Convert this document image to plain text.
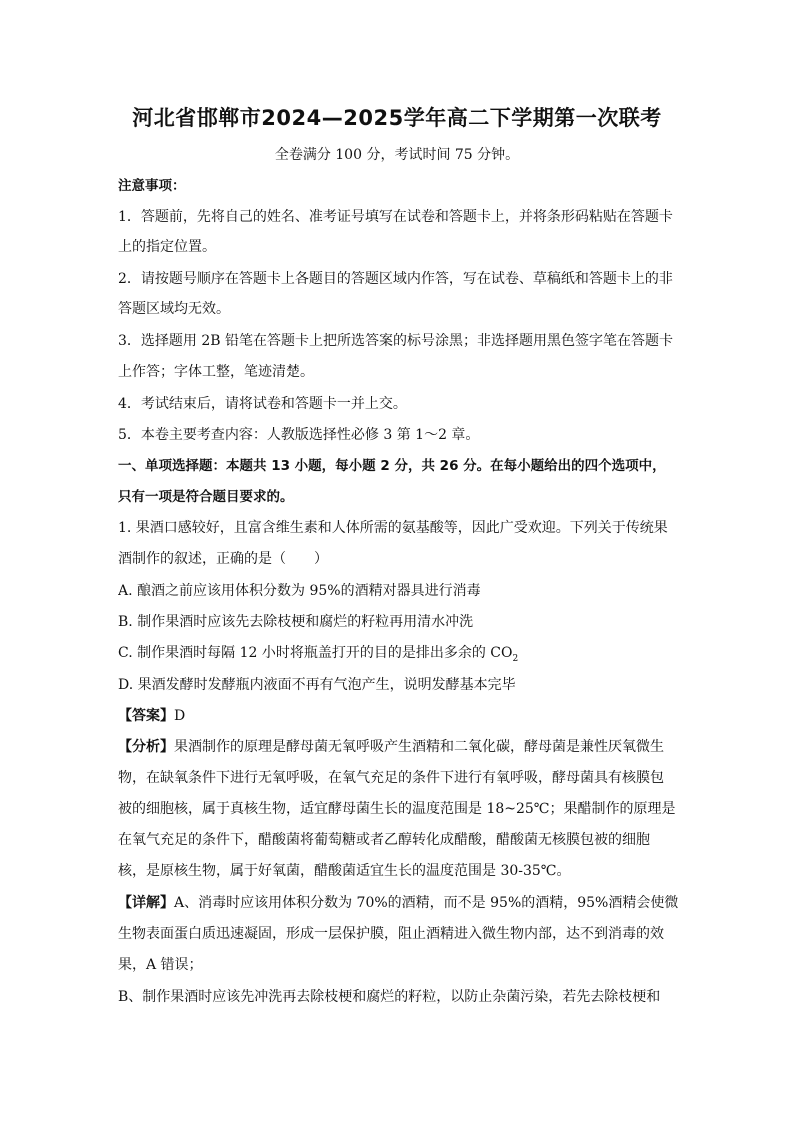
河北省邯郸市2024—2025学年高二下学期第一次联考
全卷满分 100 分，考试时间 75 分钟。
注意事项：
1．答题前，先将自己的姓名、准考证号填写在试卷和答题卡上，并将条形码粘贴在答题卡
上的指定位置。
2．请按题号顺序在答题卡上各题目的答题区域内作答，写在试卷、草稿纸和答题卡上的非
答题区域均无效。
3．选择题用 2B 铅笔在答题卡上把所选答案的标号涂黑；非选择题用黑色签字笔在答题卡
上作答；字体工整，笔迹清楚。
4．考试结束后，请将试卷和答题卡一并上交。
5．本卷主要考查内容：人教版选择性必修 3 第 1～2 章。
一、单项选择题：本题共 13 小题，每小题 2 分，共 26 分。在每小题给出的四个选项中，
只有一项是符合题目要求的。
1. 果酒口感较好，且富含维生素和人体所需的氨基酸等，因此广受欢迎。下列关于传统果
酒制作的叙述，正确的是（　　）
A. 酿酒之前应该用体积分数为 95%的酒精对器具进行消毒
B. 制作果酒时应该先去除枝梗和腐烂的籽粒再用清水冲洗
C. 制作果酒时每隔 12 小时将瓶盖打开的目的是排出多余的 $CO_2$
D. 果酒发酵时发酵瓶内液面不再有气泡产生，说明发酵基本完毕
【答案】D
【分析】果酒制作的原理是酵母菌无氧呼吸产生酒精和二氧化碳，酵母菌是兼性厌氧微生
物，在缺氧条件下进行无氧呼吸，在氧气充足的条件下进行有氧呼吸，酵母菌具有核膜包
被的细胞核，属于真核生物，适宜酵母菌生长的温度范围是 18~25℃；果醋制作的原理是
在氧气充足的条件下，醋酸菌将葡萄糖或者乙醇转化成醋酸，醋酸菌无核膜包被的细胞
核，是原核生物，属于好氧菌，醋酸菌适宜生长的温度范围是 30-35℃。
【详解】A、消毒时应该用体积分数为 70%的酒精，而不是 95%的酒精，95%酒精会使微
生物表面蛋白质迅速凝固，形成一层保护膜，阻止酒精进入微生物内部，达不到消毒的效
果，A 错误；
B、制作果酒时应该先冲洗再去除枝梗和腐烂的籽粒，以防止杂菌污染，若先去除枝梗和
